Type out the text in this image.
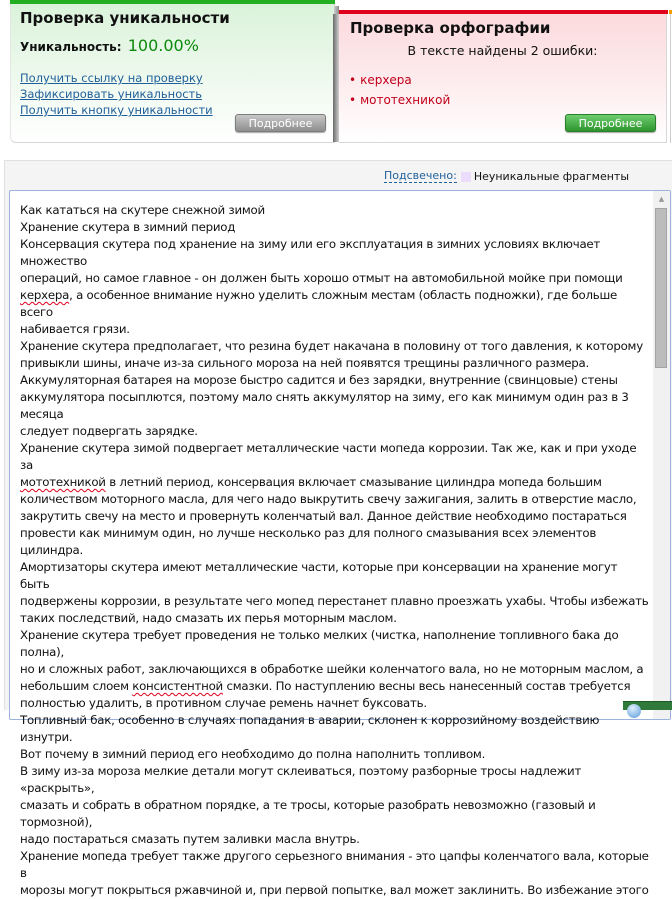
Проверка уникальности
Уникальность: 100.00%
Получить ссылку на проверку
Зафиксировать уникальность
Получить кнопку уникальности
Подробнее
Проверка орфографии
В тексте найдены 2 ошибки:
• керхера
• мототехникой
Подробнее
Подсвечено: Неуникальные фрагменты
Как кататься на скутере снежной зимой
Хранение скутера в зимний период
Консервация скутера под хранение на зиму или его эксплуатация в зимних условиях включает множество
операций, но самое главное - он должен быть хорошо отмыт на автомобильной мойке при помощи
керхера, а особенное внимание нужно уделить сложным местам (область подножки), где больше всего
набивается грязи.
Хранение скутера предполагает, что резина будет накачана в половину от того давления, к которому
привыкли шины, иначе из-за сильного мороза на ней появятся трещины различного размера.
Аккумуляторная батарея на морозе быстро садится и без зарядки, внутренние (свинцовые) стены
аккумулятора посыплются, поэтому мало снять аккумулятор на зиму, его как минимум один раз в 3 месяца
следует подвергать зарядке.
Хранение скутера зимой подвергает металлические части мопеда коррозии. Так же, как и при уходе за
мототехникой в летний период, консервация включает смазывание цилиндра мопеда большим
количеством моторного масла, для чего надо выкрутить свечу зажигания, залить в отверстие масло,
закрутить свечу на место и провернуть коленчатый вал. Данное действие необходимо постараться
провести как минимум один, но лучше несколько раз для полного смазывания всех элементов цилиндра.
Амортизаторы скутера имеют металлические части, которые при консервации на хранение могут быть
подвержены коррозии, в результате чего мопед перестанет плавно проезжать ухабы. Чтобы избежать
таких последствий, надо смазать их перья моторным маслом.
Хранение скутера требует проведения не только мелких (чистка, наполнение топливного бака до полна),
но и сложных работ, заключающихся в обработке шейки коленчатого вала, но не моторным маслом, а
небольшим слоем консистентной смазки. По наступлению весны весь нанесенный состав требуется
полностью удалить, в противном случае ремень начнет буксовать.
Топливный бак, особенно в случаях попадания в аварии, склонен к коррозийному воздействию изнутри.
Вот почему в зимний период его необходимо до полна наполнить топливом.
В зиму из-за мороза мелкие детали могут склеиваться, поэтому разборные тросы надлежит «раскрыть»,
смазать и собрать в обратном порядке, а те тросы, которые разобрать невозможно (газовый и тормозной),
надо постараться смазать путем заливки масла внутрь.
Хранение мопеда требует также другого серьезного внимания - это цапфы коленчатого вала, которые в
морозы могут покрыться ржавчиной и, при первой попытке, вал может заклинить. Во избежание этого
▲
